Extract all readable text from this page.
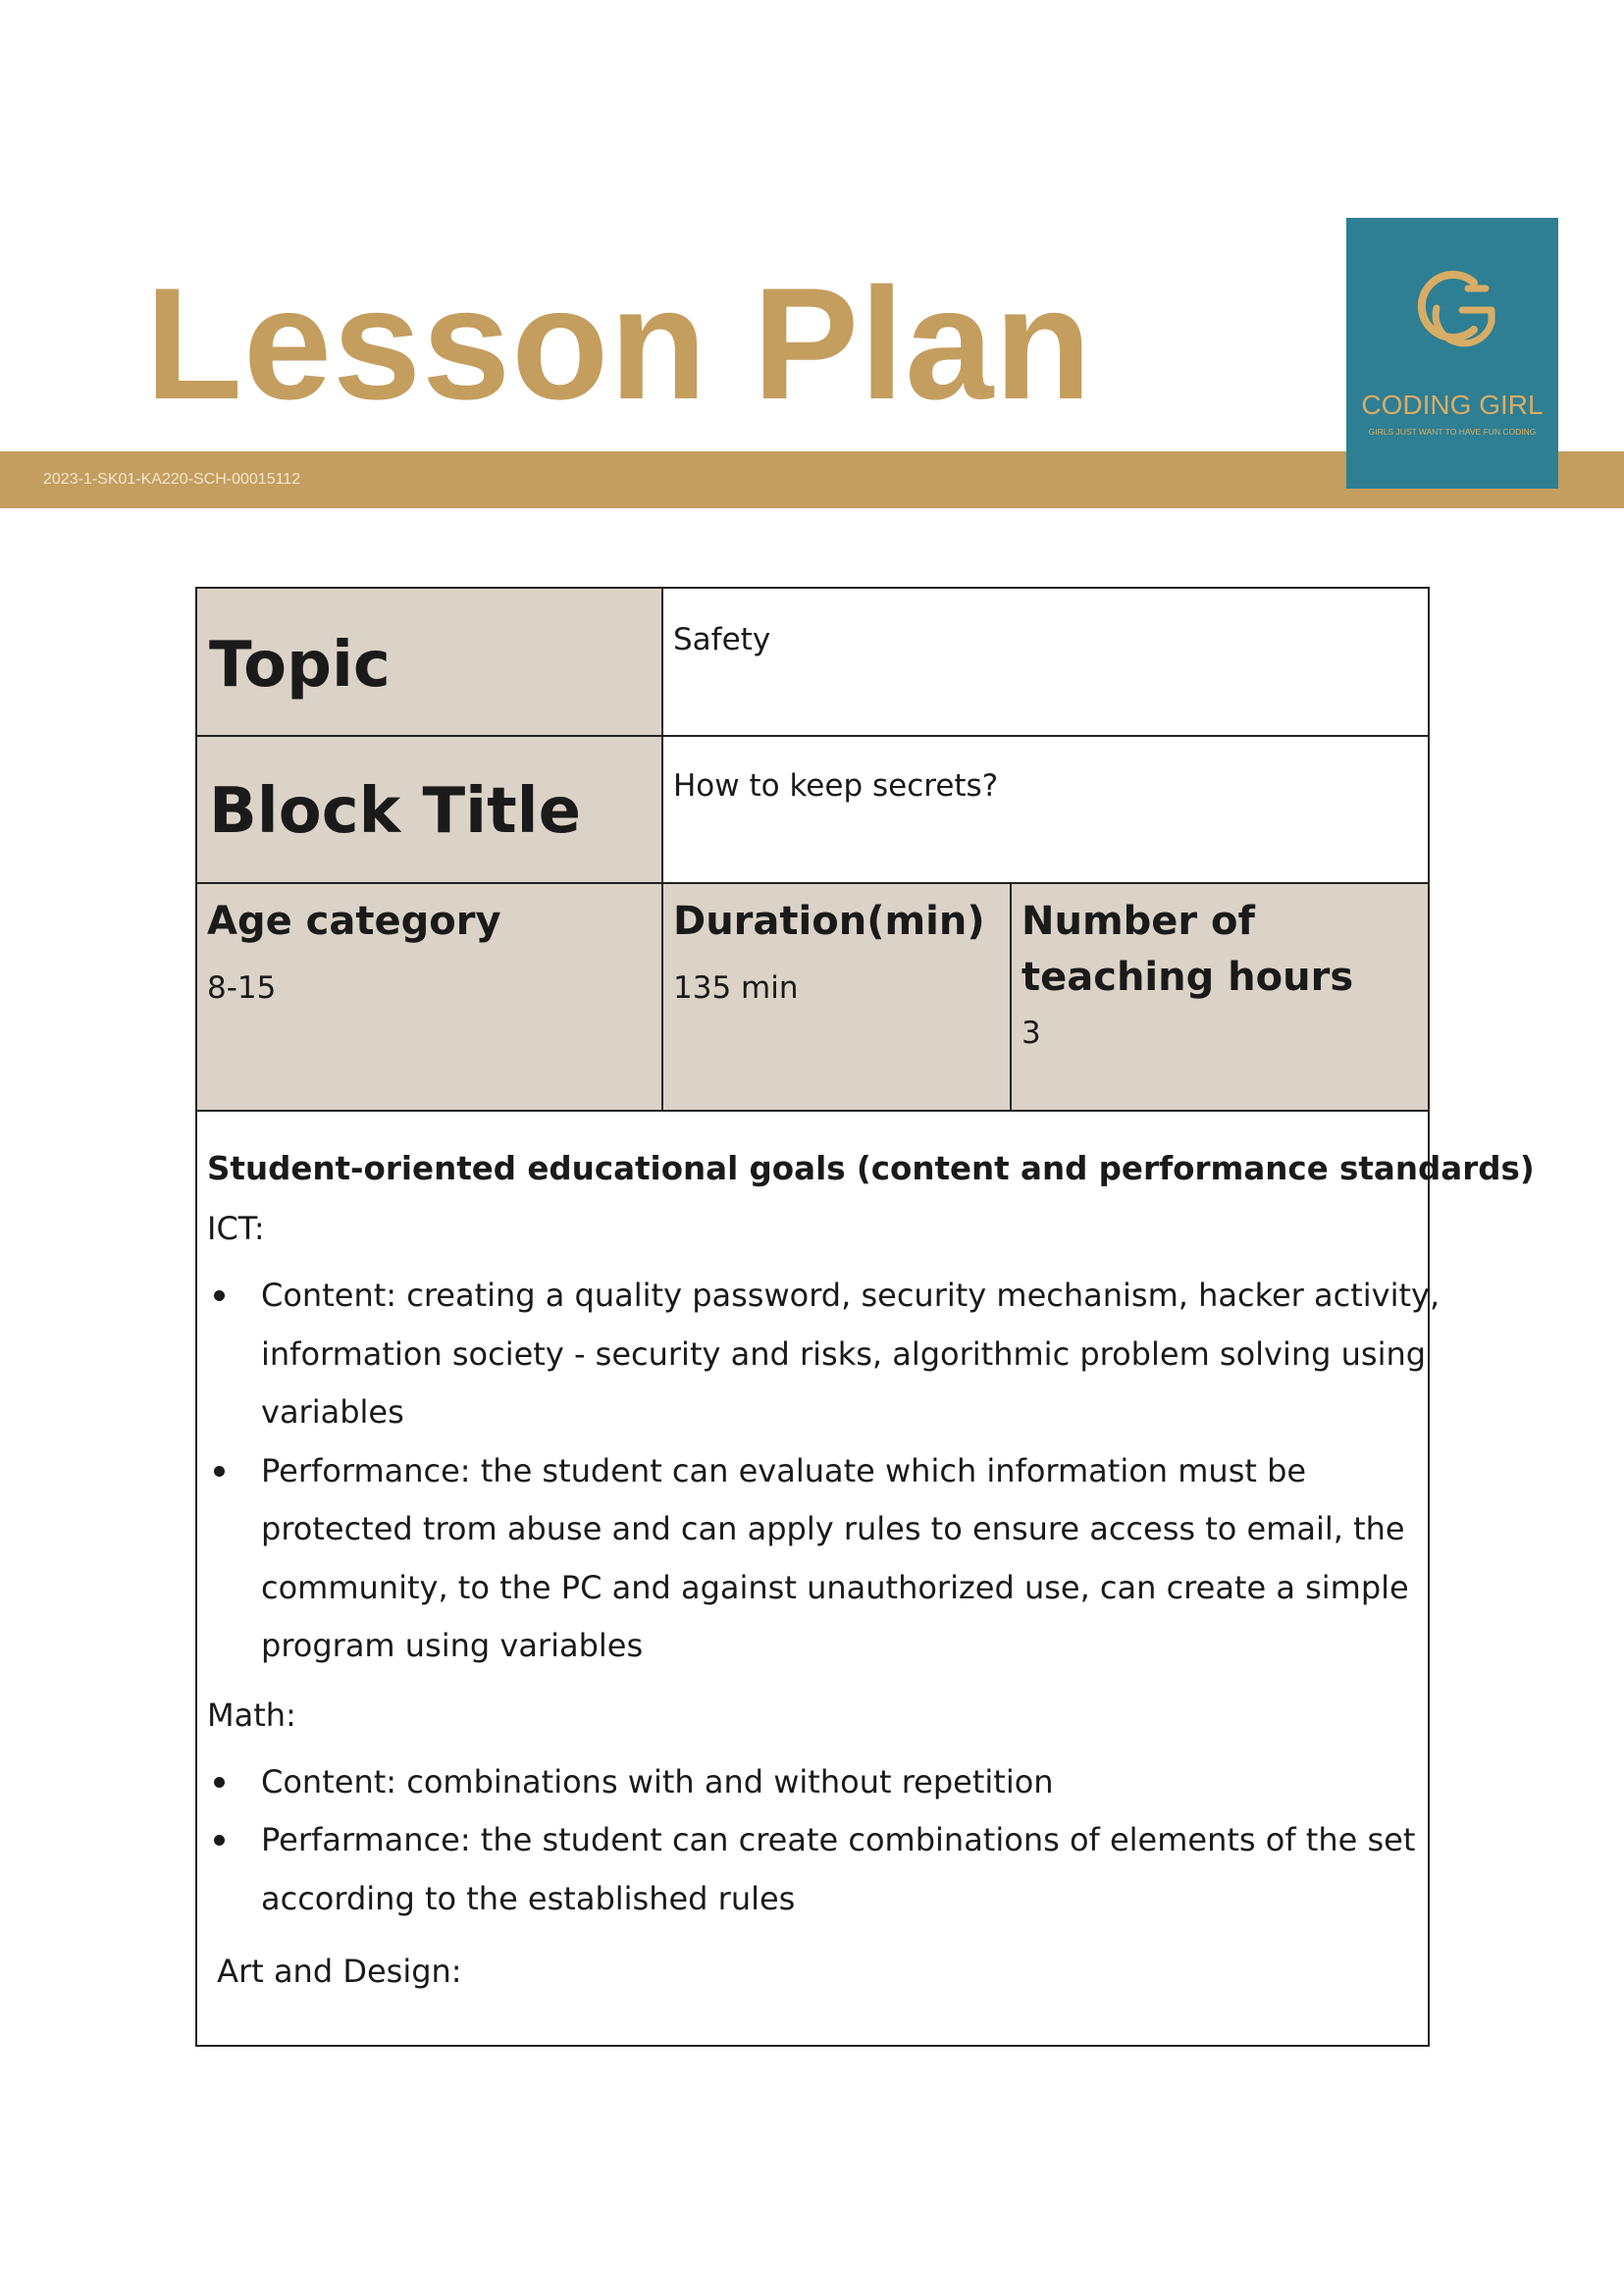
Lesson Plan
2023-1-SK01-KA220-SCH-00015112
CODING GIRL
GIRLS JUST WANT TO HAVE FUN CODING
Topic	Safety
Block Title	How to keep secrets?
Age category
8-15
Duration(min)
135 min
Number of
teaching hours
3
Student-oriented educational goals (content and performance standards)
ICT:
Content: creating a quality password, security mechanism, hacker activity,
information society - security and risks, algorithmic problem solving using
variables
Performance: the student can evaluate which information must be
protected trom abuse and can apply rules to ensure access to email, the
community, to the PC and against unauthorized use, can create a simple
program using variables
Math:
Content: combinations with and without repetition
Perfarmance: the student can create combinations of elements of the set
according to the established rules
Art and Design:
